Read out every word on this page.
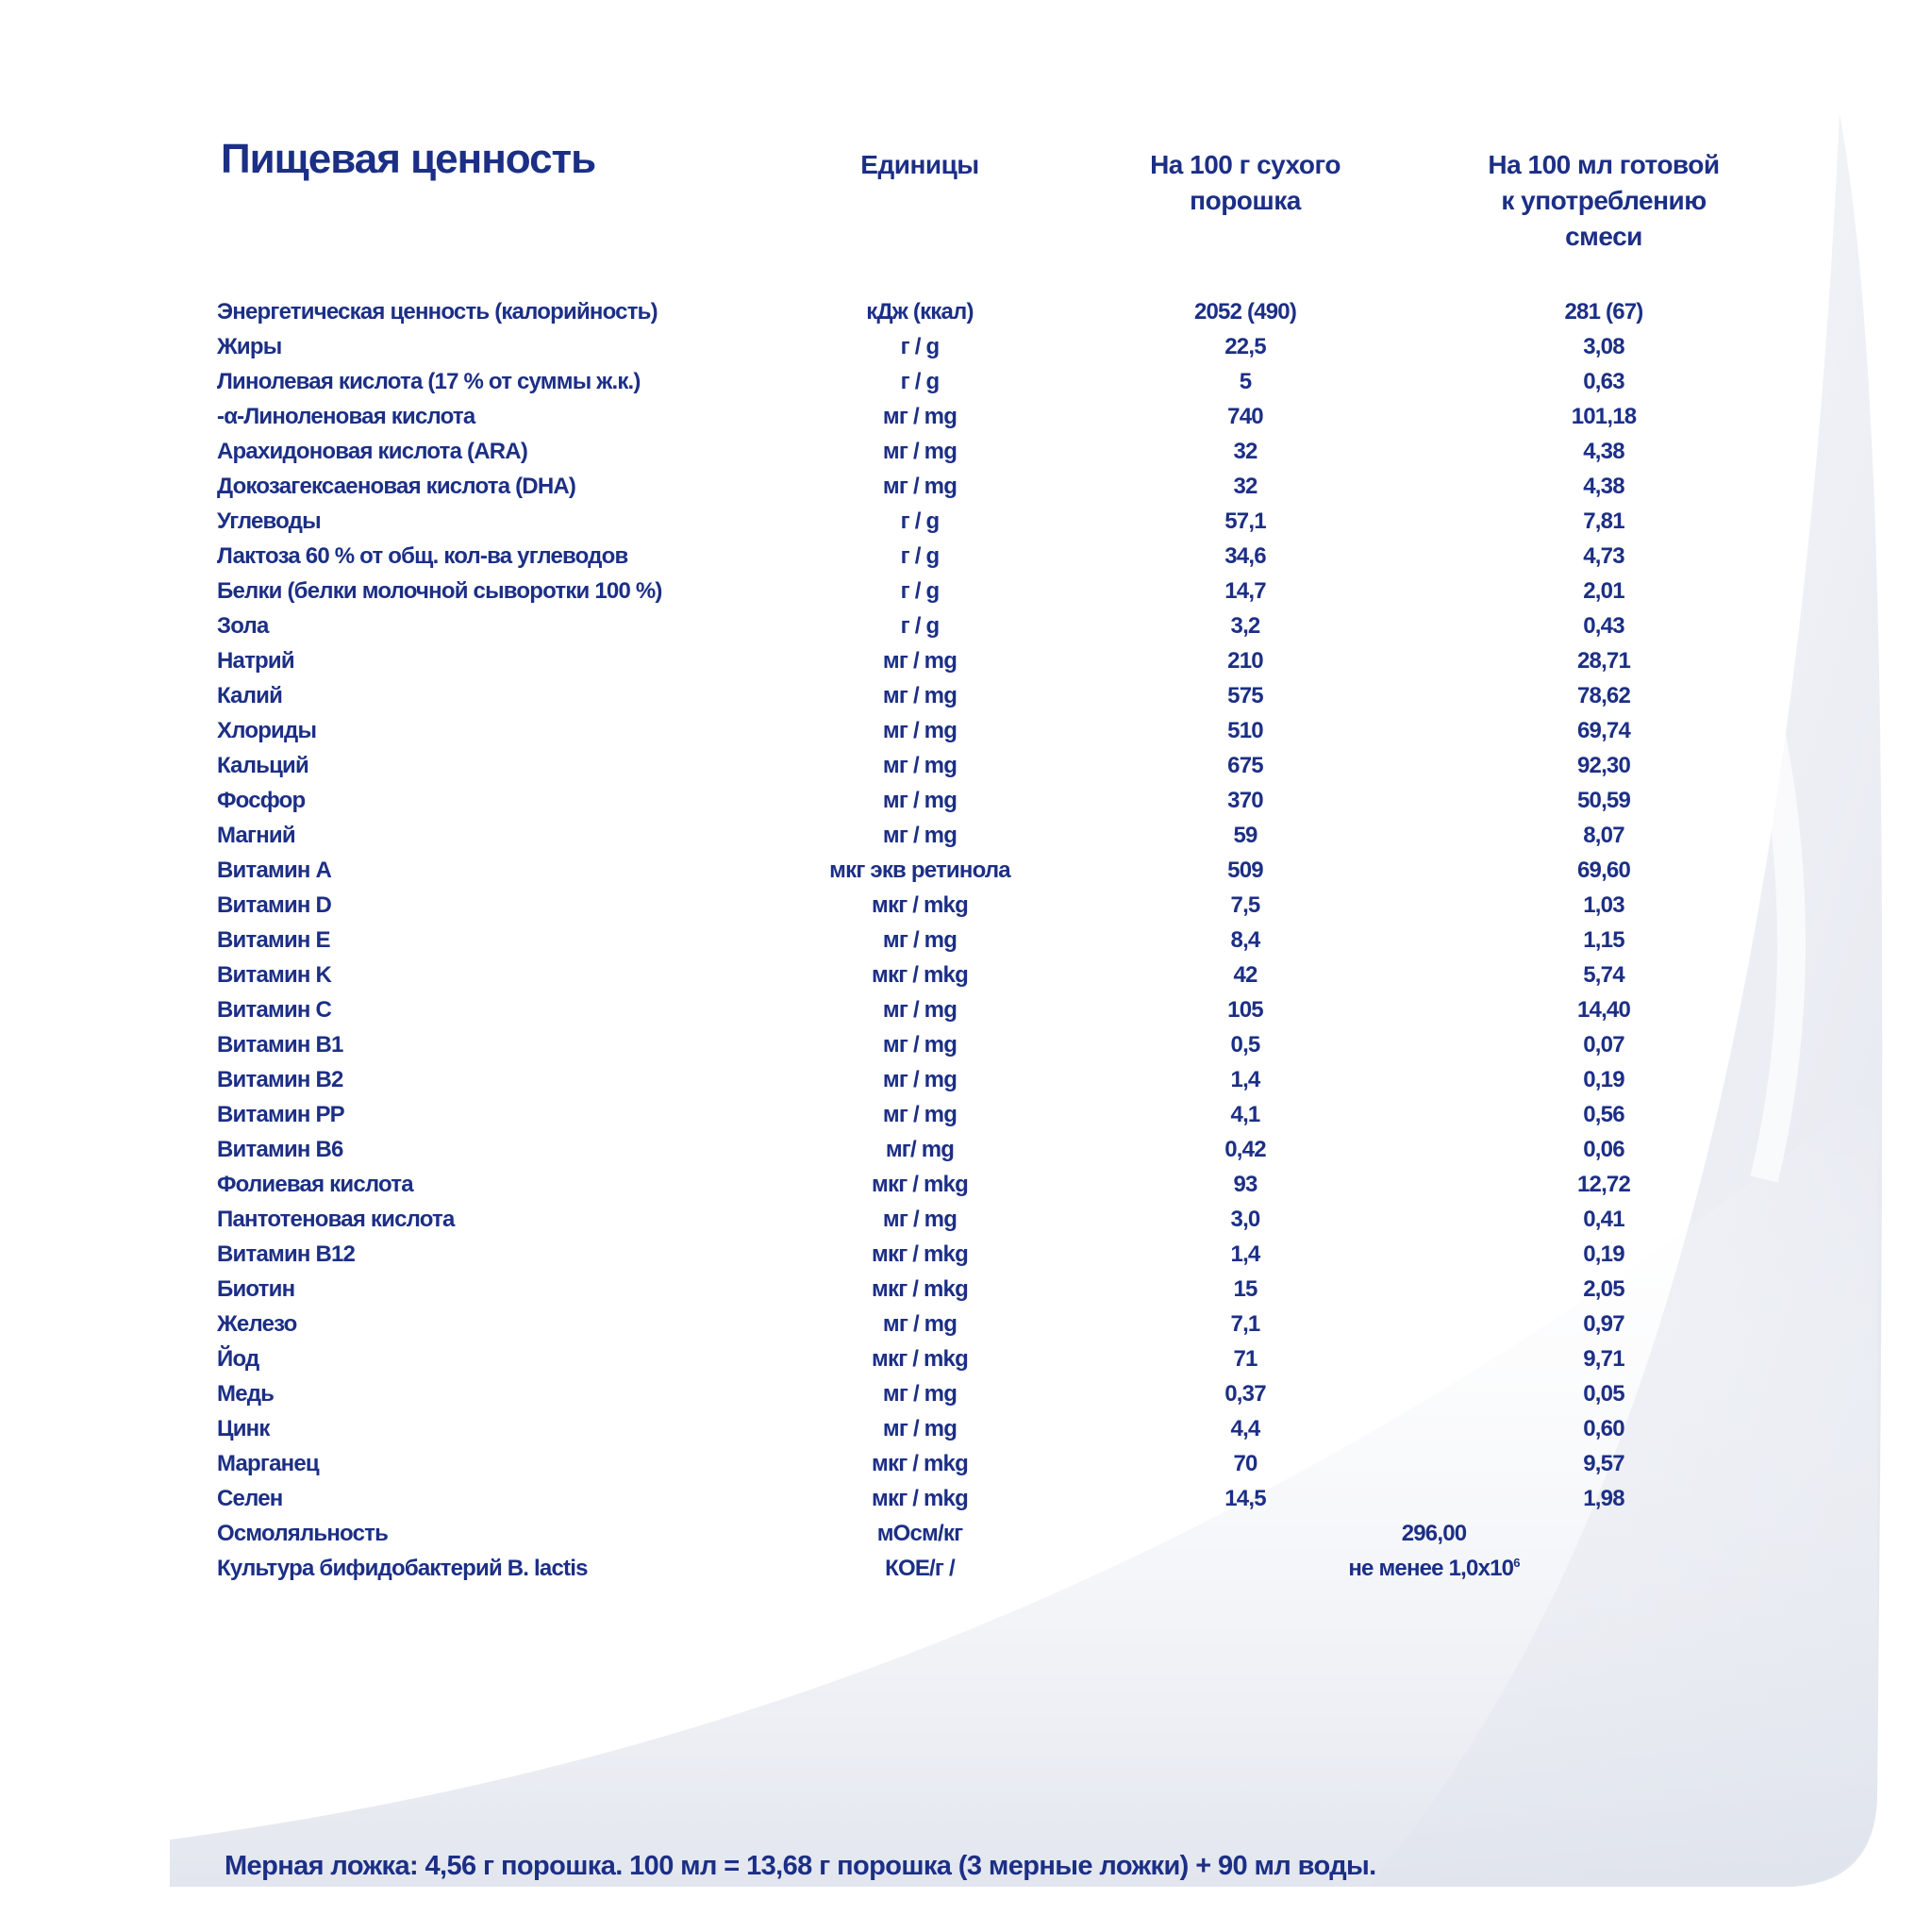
Пищевая ценность	Единицы	На 100 г сухого
порошка
На 100 мл готовой
к употреблению
смеси
Энергетическая ценность (калорийность)	кДж (ккал)	2052 (490)	281 (67)
Жиры	г / g	22,5	3,08
Линолевая кислота (17 % от суммы ж.к.)	г / g	5	0,63
-α-Линоленовая кислота	мг / mg	740	101,18
Арахидоновая кислота (ARA)	мг / mg	32	4,38
Докозагексаеновая кислота (DHA)	мг / mg	32	4,38
Углеводы	г / g	57,1	7,81
Лактоза 60 % от общ. кол-ва углеводов	г / g	34,6	4,73
Белки (белки молочной сыворотки 100 %)	г / g	14,7	2,01
Зола	г / g	3,2	0,43
Натрий	мг / mg	210	28,71
Калий	мг / mg	575	78,62
Хлориды	мг / mg	510	69,74
Кальций	мг / mg	675	92,30
Фосфор	мг / mg	370	50,59
Магний	мг / mg	59	8,07
Витамин A	мкг экв ретинола	509	69,60
Витамин D	мкг / mkg	7,5	1,03
Витамин E	мг / mg	8,4	1,15
Витамин K	мкг / mkg	42	5,74
Витамин C	мг / mg	105	14,40
Витамин B1	мг / mg	0,5	0,07
Витамин B2	мг / mg	1,4	0,19
Витамин PP	мг / mg	4,1	0,56
Витамин B6	мг/ mg	0,42	0,06
Фолиевая кислота	мкг / mkg	93	12,72
Пантотеновая кислота	мг / mg	3,0	0,41
Витамин B12	мкг / mkg	1,4	0,19
Биотин	мкг / mkg	15	2,05
Железо	мг / mg	7,1	0,97
Йод	мкг / mkg	71	9,71
Медь	мг / mg	0,37	0,05
Цинк	мг / mg	4,4	0,60
Марганец	мкг / mkg	70	9,57
Селен	мкг / mkg	14,5	1,98
Осмоляльность	мОсм/кг	296,00
Культура бифидобактерий B. lactis	КОЕ/г /	не менее $1,0x10^6$
Мерная ложка: 4,56 г порошка. 100 мл = 13,68 г порошка (3 мерные ложки) + 90 мл воды.
